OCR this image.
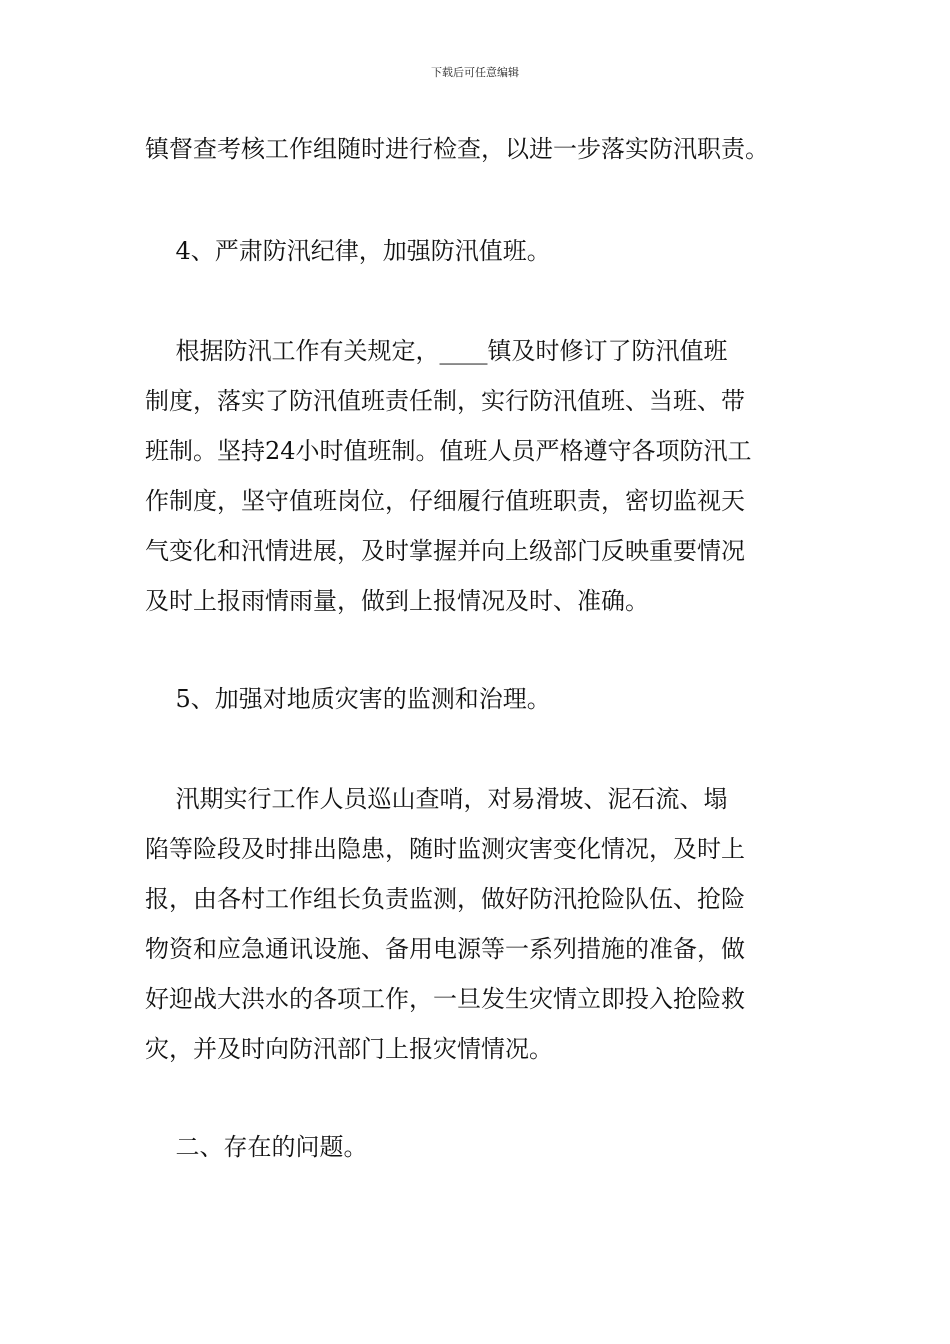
下载后可任意编辑
镇督查考核工作组随时进行检查，以进一步落实防汛职责。
4、严肃防汛纪律，加强防汛值班。
根据防汛工作有关规定，____镇及时修订了防汛值班
制度，落实了防汛值班责任制，实行防汛值班、当班、带
班制。坚持24小时值班制。值班人员严格遵守各项防汛工
作制度，坚守值班岗位，仔细履行值班职责，密切监视天
气变化和汛情进展，及时掌握并向上级部门反映重要情况
及时上报雨情雨量，做到上报情况及时、准确。
5、加强对地质灾害的监测和治理。
汛期实行工作人员巡山查哨，对易滑坡、泥石流、塌
陷等险段及时排出隐患，随时监测灾害变化情况，及时上
报，由各村工作组长负责监测，做好防汛抢险队伍、抢险
物资和应急通讯设施、备用电源等一系列措施的准备，做
好迎战大洪水的各项工作，一旦发生灾情立即投入抢险救
灾，并及时向防汛部门上报灾情情况。
二、存在的问题。
